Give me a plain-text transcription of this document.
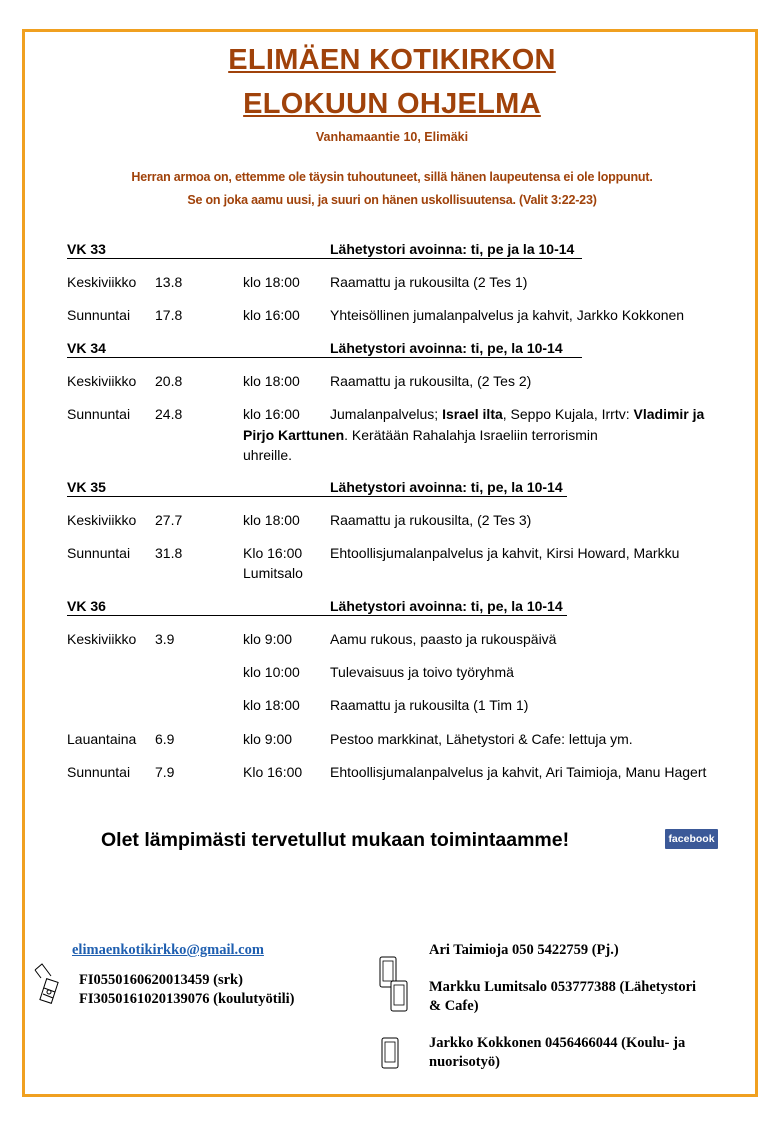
ELIMÄEN KOTIKIRKON
ELOKUUN OHJELMA
Vanhamaantie 10, Elimäki
Herran armoa on, ettemme ole täysin tuhoutuneet, sillä hänen laupeutensa ei ole loppunut.
Se on joka aamu uusi, ja suuri on hänen uskollisuutensa. (Valit 3:22-23)
VK 33	Lähetystori avoinna: ti, pe ja la 10-14
Keskiviikko 13.8	klo 18:00 Raamattu ja rukousilta (2 Tes 1)
Sunnuntai 17.8	klo 16:00 Yhteisöllinen jumalanpalvelus ja kahvit, Jarkko Kokkonen
VK 34	Lähetystori avoinna: ti, pe, la 10-14
Keskiviikko 20.8	klo 18:00 Raamattu ja rukousilta, (2 Tes 2)
Sunnuntai 24.8	klo 16:00 Jumalanpalvelus; Israel ilta, Seppo Kujala, Irrtv: Vladimir ja
Pirjo Karttunen. Kerätään Rahalahja Israeliin terrorismin
uhreille.
VK 35	Lähetystori avoinna: ti, pe, la 10-14
Keskiviikko 27.7	klo 18:00 Raamattu ja rukousilta, (2 Tes 3)
Sunnuntai 31.8	Klo 16:00 Ehtoollisjumalanpalvelus ja kahvit, Kirsi Howard, Markku
Lumitsalo
VK 36	Lähetystori avoinna: ti, pe, la 10-14
Keskiviikko 3.9	klo 9:00	Aamu rukous, paasto ja rukouspäivä
klo 10:00 Tulevaisuus ja toivo työryhmä
klo 18:00 Raamattu ja rukousilta (1 Tim 1)
Lauantaina 6.9	klo 9:00	Pestoo markkinat, Lähetystori & Cafe: lettuja ym.
Sunnuntai 7.9	Klo 16:00 Ehtoollisjumalanpalvelus ja kahvit, Ari Taimioja, Manu Hagert
Olet lämpimästi tervetullut mukaan toimintaamme!	facebook
elimaenkotikirkko@gmail.com
FI0550160620013459 (srk)
FI3050161020139076 (koulutyötili)
Ari Taimioja 050 5422759 (Pj.)
Markku Lumitsalo 053777388 (Lähetystori
& Cafe)
Jarkko Kokkonen 0456466044 (Koulu- ja
nuorisotyö)
